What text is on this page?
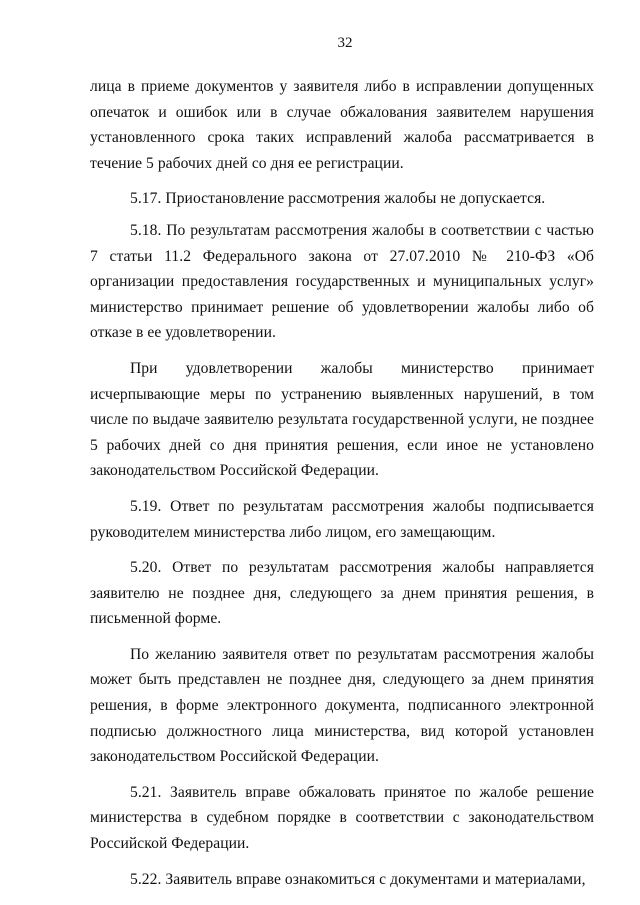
32

лица в приеме документов у заявителя либо в исправлении допущенных опечаток и ошибок или в случае обжалования заявителем нарушения установленного срока таких исправлений жалоба рассматривается в течение 5 рабочих дней со дня ее регистрации.

5.17. Приостановление рассмотрения жалобы не допускается.

5.18. По результатам рассмотрения жалобы в соответствии с частью 7 статьи 11.2 Федерального закона от 27.07.2010 № 210-ФЗ «Об организации предоставления государственных и муниципальных услуг» министерство принимает решение об удовлетворении жалобы либо об отказе в ее удовлетворении.

При удовлетворении жалобы министерство принимает исчерпывающие меры по устранению выявленных нарушений, в том числе по выдаче заявителю результата государственной услуги, не позднее 5 рабочих дней со дня принятия решения, если иное не установлено законодательством Российской Федерации.

5.19. Ответ по результатам рассмотрения жалобы подписывается руководителем министерства либо лицом, его замещающим.

5.20. Ответ по результатам рассмотрения жалобы направляется заявителю не позднее дня, следующего за днем принятия решения, в письменной форме.

По желанию заявителя ответ по результатам рассмотрения жалобы может быть представлен не позднее дня, следующего за днем принятия решения, в форме электронного документа, подписанного электронной подписью должностного лица министерства, вид которой установлен законодательством Российской Федерации.

5.21. Заявитель вправе обжаловать принятое по жалобе решение министерства в судебном порядке в соответствии с законодательством Российской Федерации.

5.22. Заявитель вправе ознакомиться с документами и материалами,
